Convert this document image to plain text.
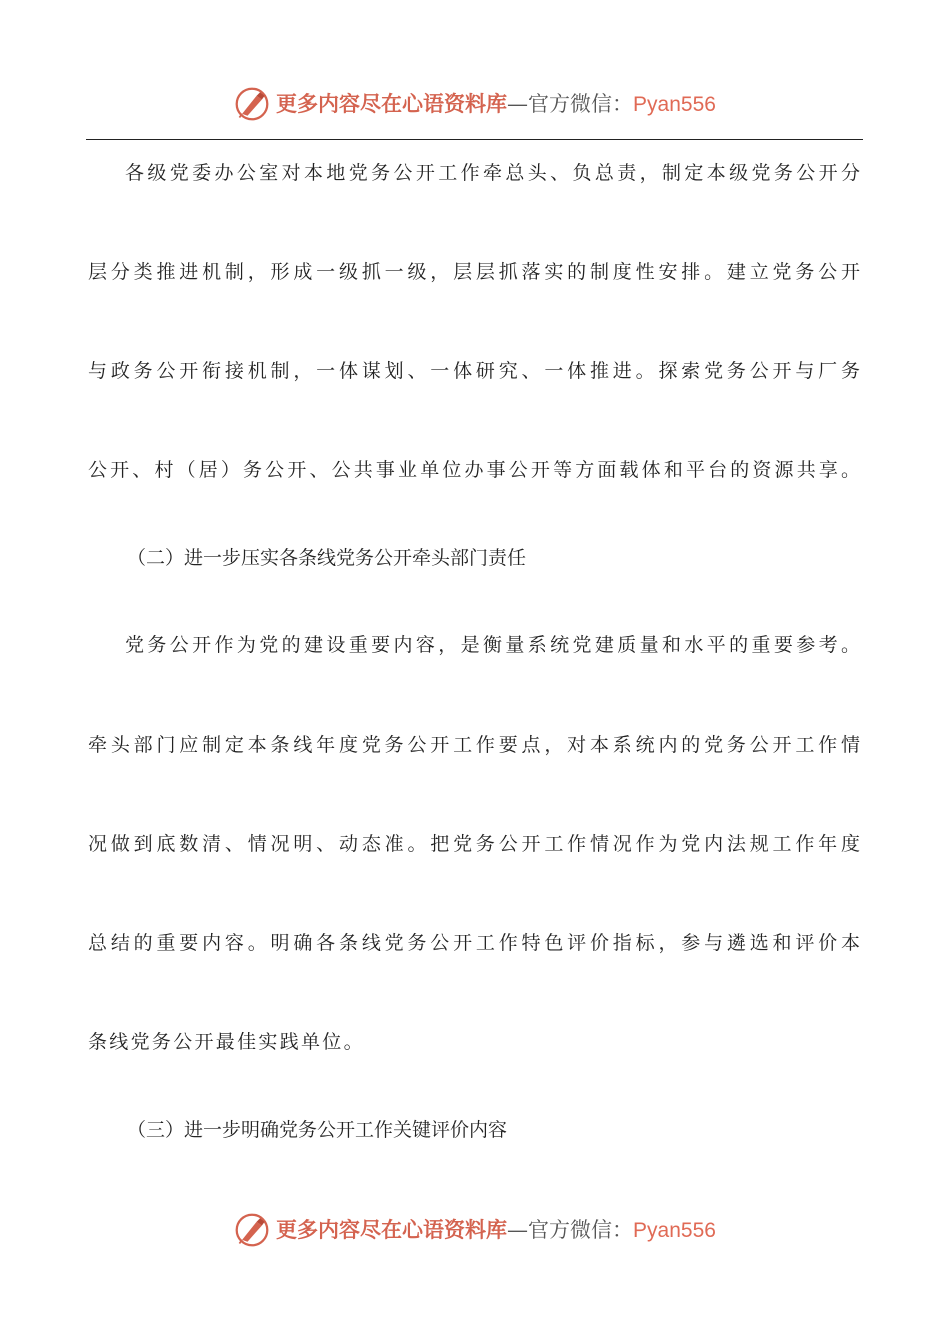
更多内容尽在心语资料库—官方微信：Pyan556
各级党委办公室对本地党务公开工作牵总头、负总责，制定本级党务公开分
层分类推进机制，形成一级抓一级，层层抓落实的制度性安排。建立党务公开
与政务公开衔接机制，一体谋划、一体研究、一体推进。探索党务公开与厂务
公开、村（居）务公开、公共事业单位办事公开等方面载体和平台的资源共享。
（二）进一步压实各条线党务公开牵头部门责任
党务公开作为党的建设重要内容，是衡量系统党建质量和水平的重要参考。
牵头部门应制定本条线年度党务公开工作要点，对本系统内的党务公开工作情
况做到底数清、情况明、动态准。把党务公开工作情况作为党内法规工作年度
总结的重要内容。明确各条线党务公开工作特色评价指标，参与遴选和评价本
条线党务公开最佳实践单位。
（三）进一步明确党务公开工作关键评价内容
更多内容尽在心语资料库—官方微信：Pyan556
